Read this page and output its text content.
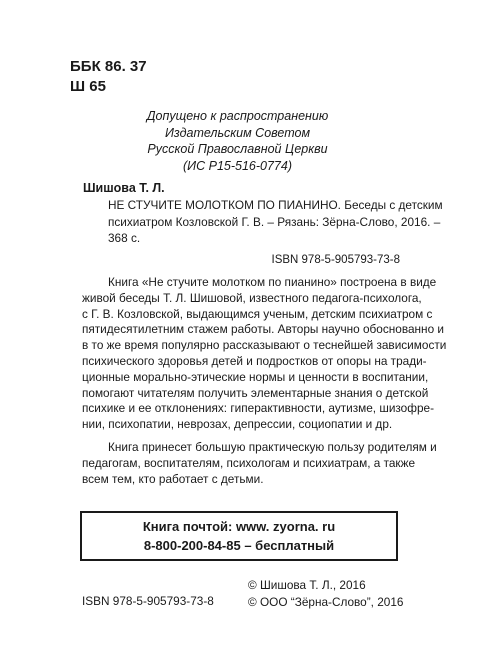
ББК 86. 37
Ш 65
Допущено к распространению
Издательским Советом
Русской Православной Церкви
(ИС Р15-516-0774)
Шишова Т. Л.
НЕ СТУЧИТЕ МОЛОТКОМ ПО ПИАНИНО. Беседы с детским
психиатром Козловской Г. В. – Рязань: Зёрна-Слово, 2016. –
368 с.
ISBN 978-5-905793-73-8
Книга «Не стучите молотком по пианино» построена в виде
живой беседы Т. Л. Шишовой, известного педагога-психолога,
с Г. В. Козловской, выдающимся ученым, детским психиатром с
пятидесятилетним стажем работы. Авторы научно обоснованно и
в то же время популярно рассказывают о теснейшей зависимости
психического здоровья детей и подростков от опоры на тради-
ционные морально-этические нормы и ценности в воспитании,
помогают читателям получить элементарные знания о детской
психике и ее отклонениях: гиперактивности, аутизме, шизофре-
нии, психопатии, неврозах, депрессии, социопатии и др.
Книга принесет большую практическую пользу родителям и
педагогам, воспитателям, психологам и психиатрам, а также
всем тем, кто работает с детьми.
Книга почтой: www. zyorna. ru
8-800-200-84-85 – бесплатный
ISBN 978-5-905793-73-8
© Шишова Т. Л., 2016
© ООО “Зёрна-Слово”, 2016
